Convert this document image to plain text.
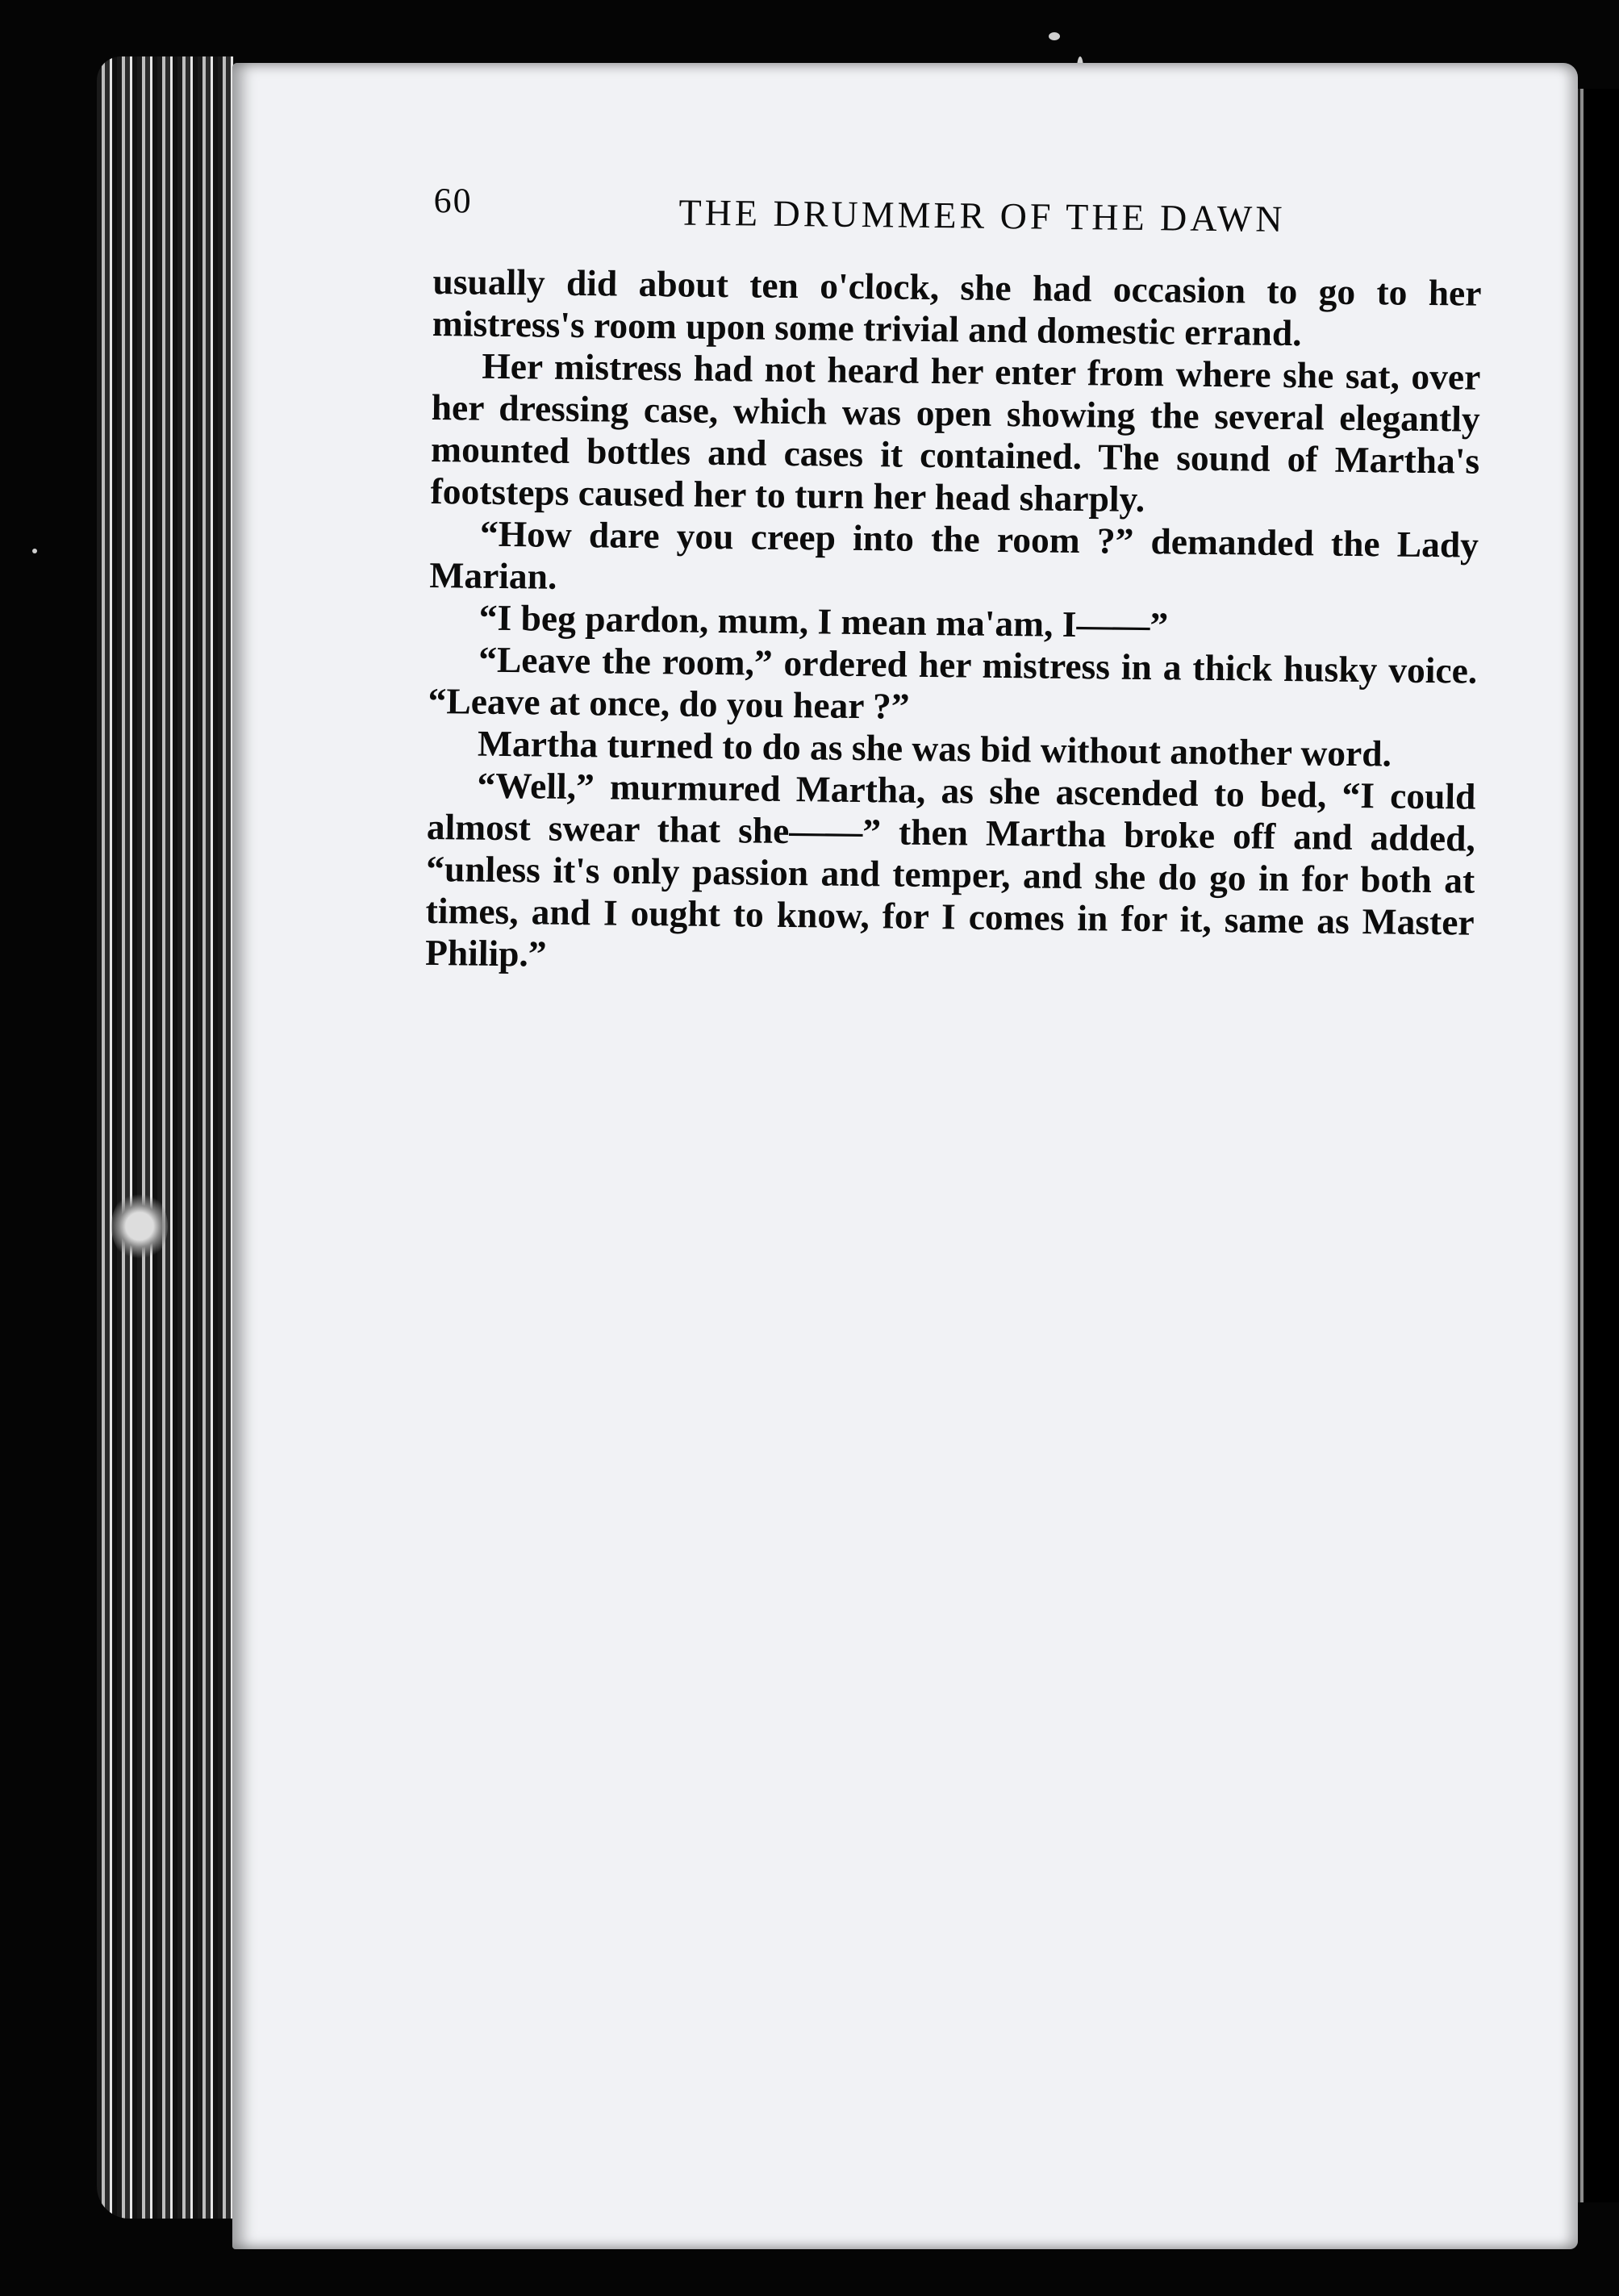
60	THE DRUMMER OF THE DAWN

usually did about ten o'clock, she had occasion to go to her mistress's room upon some trivial and domestic errand.

Her mistress had not heard her enter from where she sat, over her dressing case, which was open showing the several elegantly mounted bottles and cases it contained. The sound of Martha's footsteps caused her to turn her head sharply.

“How dare you creep into the room ?” demanded the Lady Marian.

“I beg pardon, mum, I mean ma'am, I——”

“Leave the room,” ordered her mistress in a thick husky voice. “Leave at once, do you hear ?”

Martha turned to do as she was bid without another word.

“Well,” murmured Martha, as she ascended to bed, “I could almost swear that she——” then Martha broke off and added, “unless it's only passion and temper, and she do go in for both at times, and I ought to know, for I comes in for it, same as Master Philip.”
